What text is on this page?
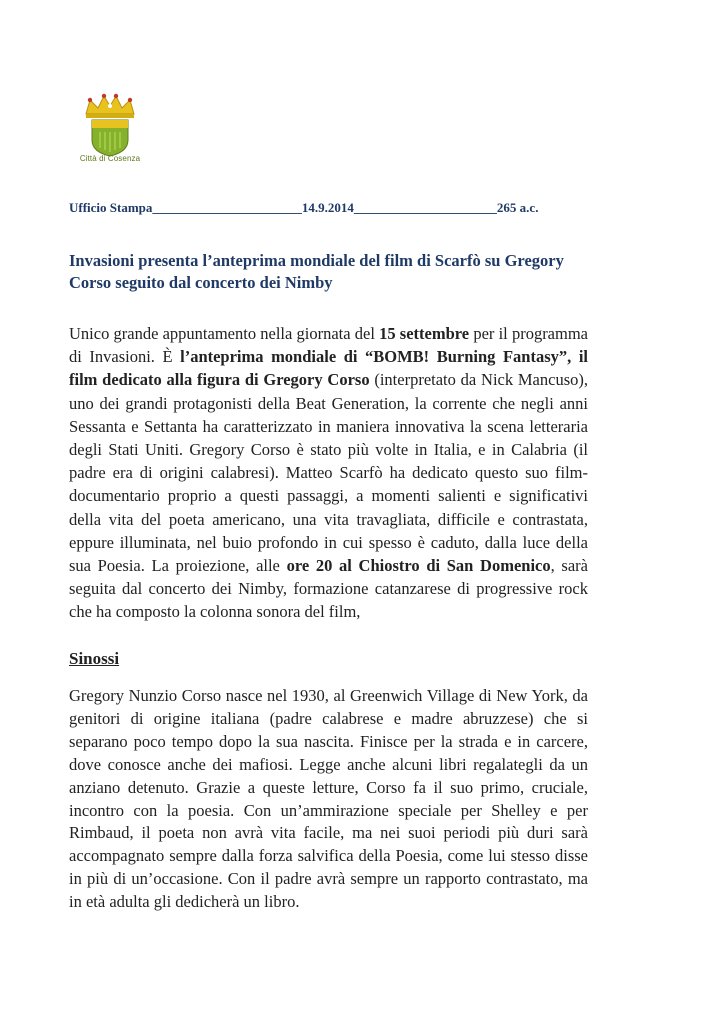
Città di Cosenza
Ufficio Stampa_______________________14.9.2014______________________265 a.c.
Invasioni presenta l’anteprima mondiale del film di Scarfò su Gregory Corso seguito dal concerto dei Nimby

Unico grande appuntamento nella giornata del 15 settembre per il programma di Invasioni. È l’anteprima mondiale di “BOMB! Burning Fantasy”, il film dedicato alla figura di Gregory Corso (interpretato da Nick Mancuso), uno dei grandi protagonisti della Beat Generation, la corrente che negli anni Sessanta e Settanta ha caratterizzato in maniera innovativa la scena letteraria degli Stati Uniti. Gregory Corso è stato più volte in Italia, e in Calabria (il padre era di origini calabresi). Matteo Scarfò ha dedicato questo suo film-documentario proprio a questi passaggi, a momenti salienti e significativi della vita del poeta americano, una vita travagliata, difficile e contrastata, eppure illuminata, nel buio profondo in cui spesso è caduto, dalla luce della sua Poesia. La proiezione, alle ore 20 al Chiostro di San Domenico, sarà seguita dal concerto dei Nimby, formazione catanzarese di progressive rock che ha composto la colonna sonora del film,

Sinossi

Gregory Nunzio Corso nasce nel 1930, al Greenwich Village di New York, da genitori di origine italiana (padre calabrese e madre abruzzese) che si separano poco tempo dopo la sua nascita. Finisce per la strada e in carcere, dove conosce anche dei mafiosi. Legge anche alcuni libri regalategli da un anziano detenuto. Grazie a queste letture, Corso fa il suo primo, cruciale, incontro con la poesia. Con un’ammirazione speciale per Shelley e per Rimbaud, il poeta non avrà vita facile, ma nei suoi periodi più duri sarà accompagnato sempre dalla forza salvifica della Poesia, come lui stesso disse in più di un’occasione. Con il padre avrà sempre un rapporto contrastato, ma in età adulta gli dedicherà un libro.
